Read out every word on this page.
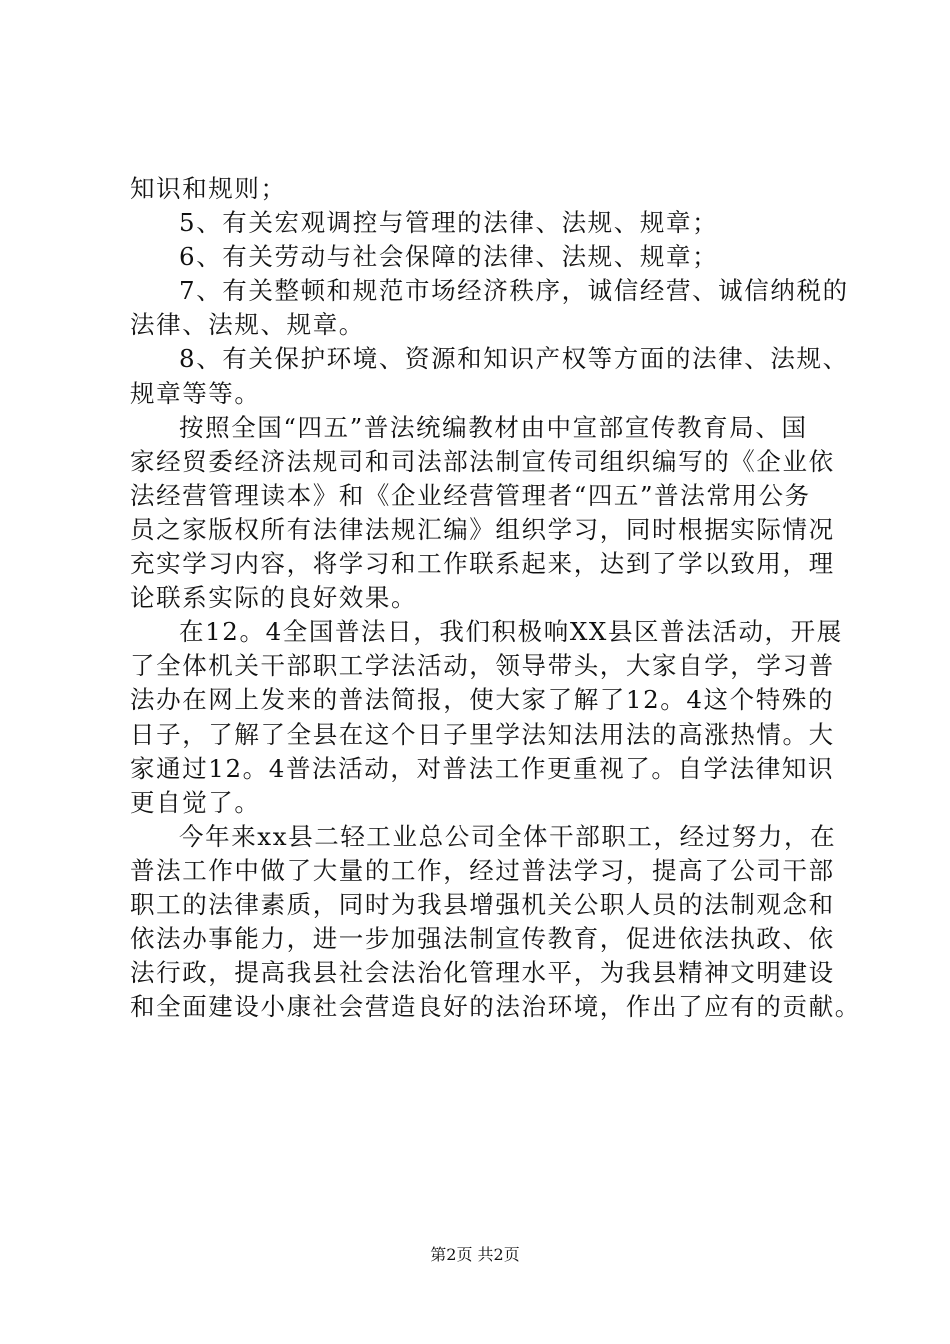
知识和规则；
5、有关宏观调控与管理的法律、法规、规章；
6、有关劳动与社会保障的法律、法规、规章；
7、有关整顿和规范市场经济秩序，诚信经营、诚信纳税的
法律、法规、规章。
8、有关保护环境、资源和知识产权等方面的法律、法规、
规章等等。
按照全国“四五”普法统编教材由中宣部宣传教育局、国
家经贸委经济法规司和司法部法制宣传司组织编写的《企业依
法经营管理读本》和《企业经营管理者“四五”普法常用公务
员之家版权所有法律法规汇编》组织学习，同时根据实际情况
充实学习内容，将学习和工作联系起来，达到了学以致用，理
论联系实际的良好效果。
在12。4全国普法日，我们积极响XX县区普法活动，开展
了全体机关干部职工学法活动，领导带头，大家自学，学习普
法办在网上发来的普法简报，使大家了解了12。4这个特殊的
日子，了解了全县在这个日子里学法知法用法的高涨热情。大
家通过12。4普法活动，对普法工作更重视了。自学法律知识
更自觉了。
今年来xx县二轻工业总公司全体干部职工，经过努力，在
普法工作中做了大量的工作，经过普法学习，提高了公司干部
职工的法律素质，同时为我县增强机关公职人员的法制观念和
依法办事能力，进一步加强法制宣传教育，促进依法执政、依
法行政，提高我县社会法治化管理水平，为我县精神文明建设
和全面建设小康社会营造良好的法治环境，作出了应有的贡献。
第2页 共2页
